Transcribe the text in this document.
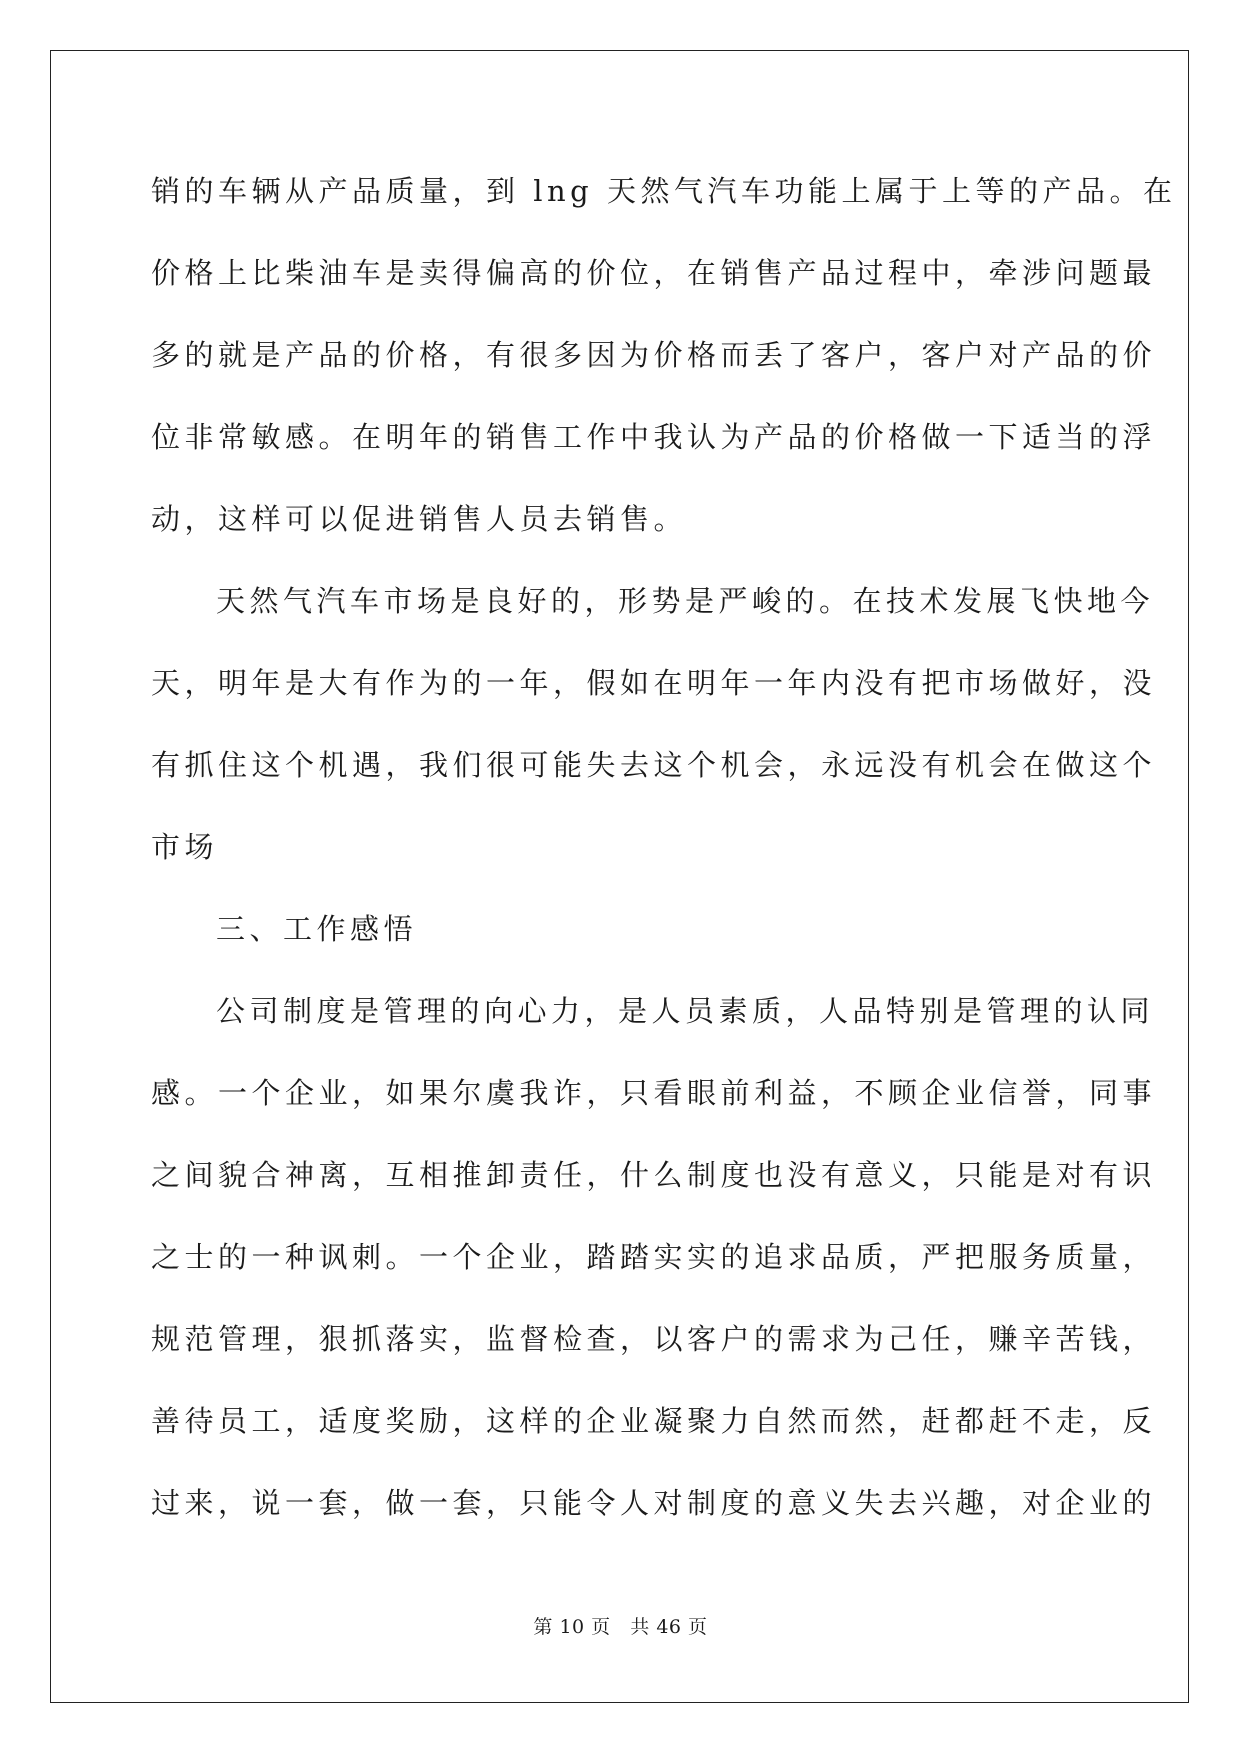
销的车辆从产品质量，到 lng 天然气汽车功能上属于上等的产品。在
价格上比柴油车是卖得偏高的价位，在销售产品过程中，牵涉问题最
多的就是产品的价格，有很多因为价格而丢了客户，客户对产品的价
位非常敏感。在明年的销售工作中我认为产品的价格做一下适当的浮
动，这样可以促进销售人员去销售。
天然气汽车市场是良好的，形势是严峻的。在技术发展飞快地今
天，明年是大有作为的一年，假如在明年一年内没有把市场做好，没
有抓住这个机遇，我们很可能失去这个机会，永远没有机会在做这个
市场
三、工作感悟
公司制度是管理的向心力，是人员素质，人品特别是管理的认同
感。一个企业，如果尔虞我诈，只看眼前利益，不顾企业信誉，同事
之间貌合神离，互相推卸责任，什么制度也没有意义，只能是对有识
之士的一种讽刺。一个企业，踏踏实实的追求品质，严把服务质量，
规范管理，狠抓落实，监督检查，以客户的需求为己任，赚辛苦钱，
善待员工，适度奖励，这样的企业凝聚力自然而然，赶都赶不走，反
过来，说一套，做一套，只能令人对制度的意义失去兴趣，对企业的
第 10 页   共 46 页
